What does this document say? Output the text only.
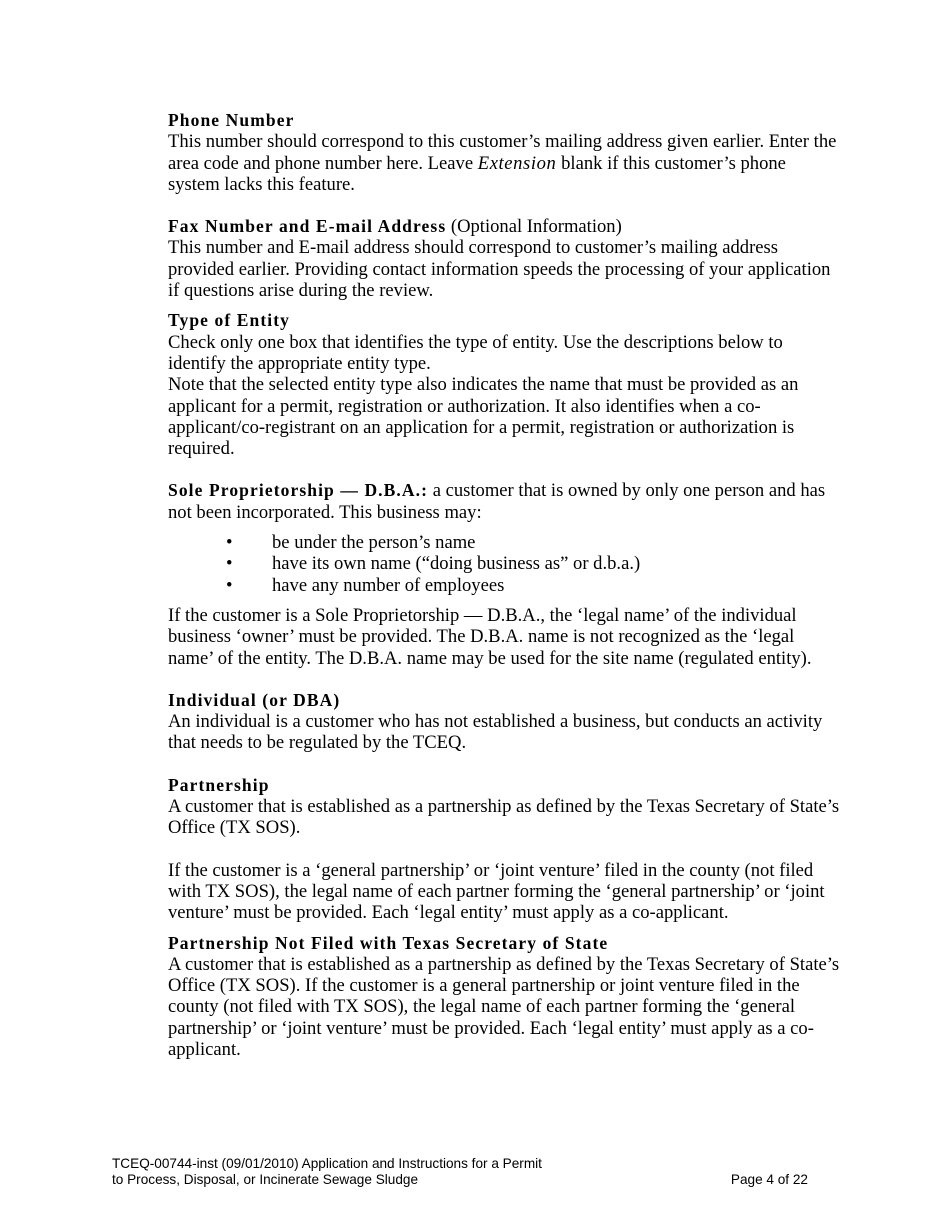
Phone Number

This number should correspond to this customer’s mailing address given earlier. Enter the area code and phone number here. Leave Extension blank if this customer’s phone system lacks this feature.

Fax Number and E-mail Address (Optional Information)

This number and E-mail address should correspond to customer’s mailing address provided earlier. Providing contact information speeds the processing of your application if questions arise during the review.

Type of Entity

Check only one box that identifies the type of entity. Use the descriptions below to identify the appropriate entity type.

Note that the selected entity type also indicates the name that must be provided as an applicant for a permit, registration or authorization. It also identifies when a co-applicant/co-registrant on an application for a permit, registration or authorization is required.

Sole Proprietorship — D.B.A.: a customer that is owned by only one person and has not been incorporated. This business may:

• be under the person’s name
• have its own name (“doing business as” or d.b.a.)
• have any number of employees

If the customer is a Sole Proprietorship — D.B.A., the ‘legal name’ of the individual business ‘owner’ must be provided. The D.B.A. name is not recognized as the ‘legal name’ of the entity. The D.B.A. name may be used for the site name (regulated entity).

Individual (or DBA)

An individual is a customer who has not established a business, but conducts an activity that needs to be regulated by the TCEQ.

Partnership

A customer that is established as a partnership as defined by the Texas Secretary of State’s Office (TX SOS).

If the customer is a ‘general partnership’ or ‘joint venture’ filed in the county (not filed with TX SOS), the legal name of each partner forming the ‘general partnership’ or ‘joint venture’ must be provided. Each ‘legal entity’ must apply as a co-applicant.

Partnership Not Filed with Texas Secretary of State

A customer that is established as a partnership as defined by the Texas Secretary of State’s Office (TX SOS). If the customer is a general partnership or joint venture filed in the county (not filed with TX SOS), the legal name of each partner forming the ‘general partnership’ or ‘joint venture’ must be provided. Each ‘legal entity’ must apply as a co-applicant.

TCEQ-00744-inst (09/01/2010) Application and Instructions for a Permit
to Process, Disposal, or Incinerate Sewage Sludge	Page 4 of 22
